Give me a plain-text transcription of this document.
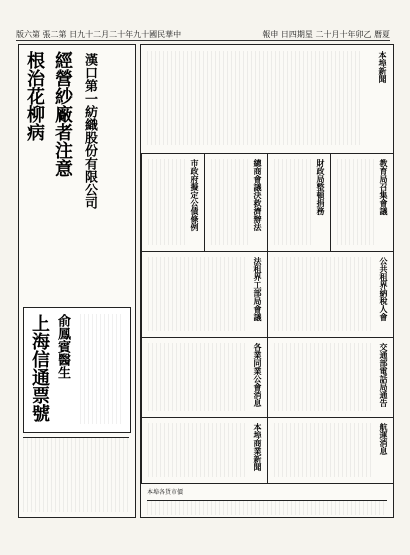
版六第 張二第 日九十二月二十年九十國民華中	報申 日四期星 二十月十年卯乙 曆夏
根治花柳病 經營紗廠者注意 漢口第一紡織股份有限公司
上海信通票號 俞鳳賓醫生
本埠新聞
市政府擬定公債條例	總商會議決救濟辦法	財政局整頓捐務	教育局召集會議
法租界工部局會議	公共租界納稅人會
各業同業公會消息	交通部電話局通告
本埠商業新聞	航運消息
本埠各貨市價
